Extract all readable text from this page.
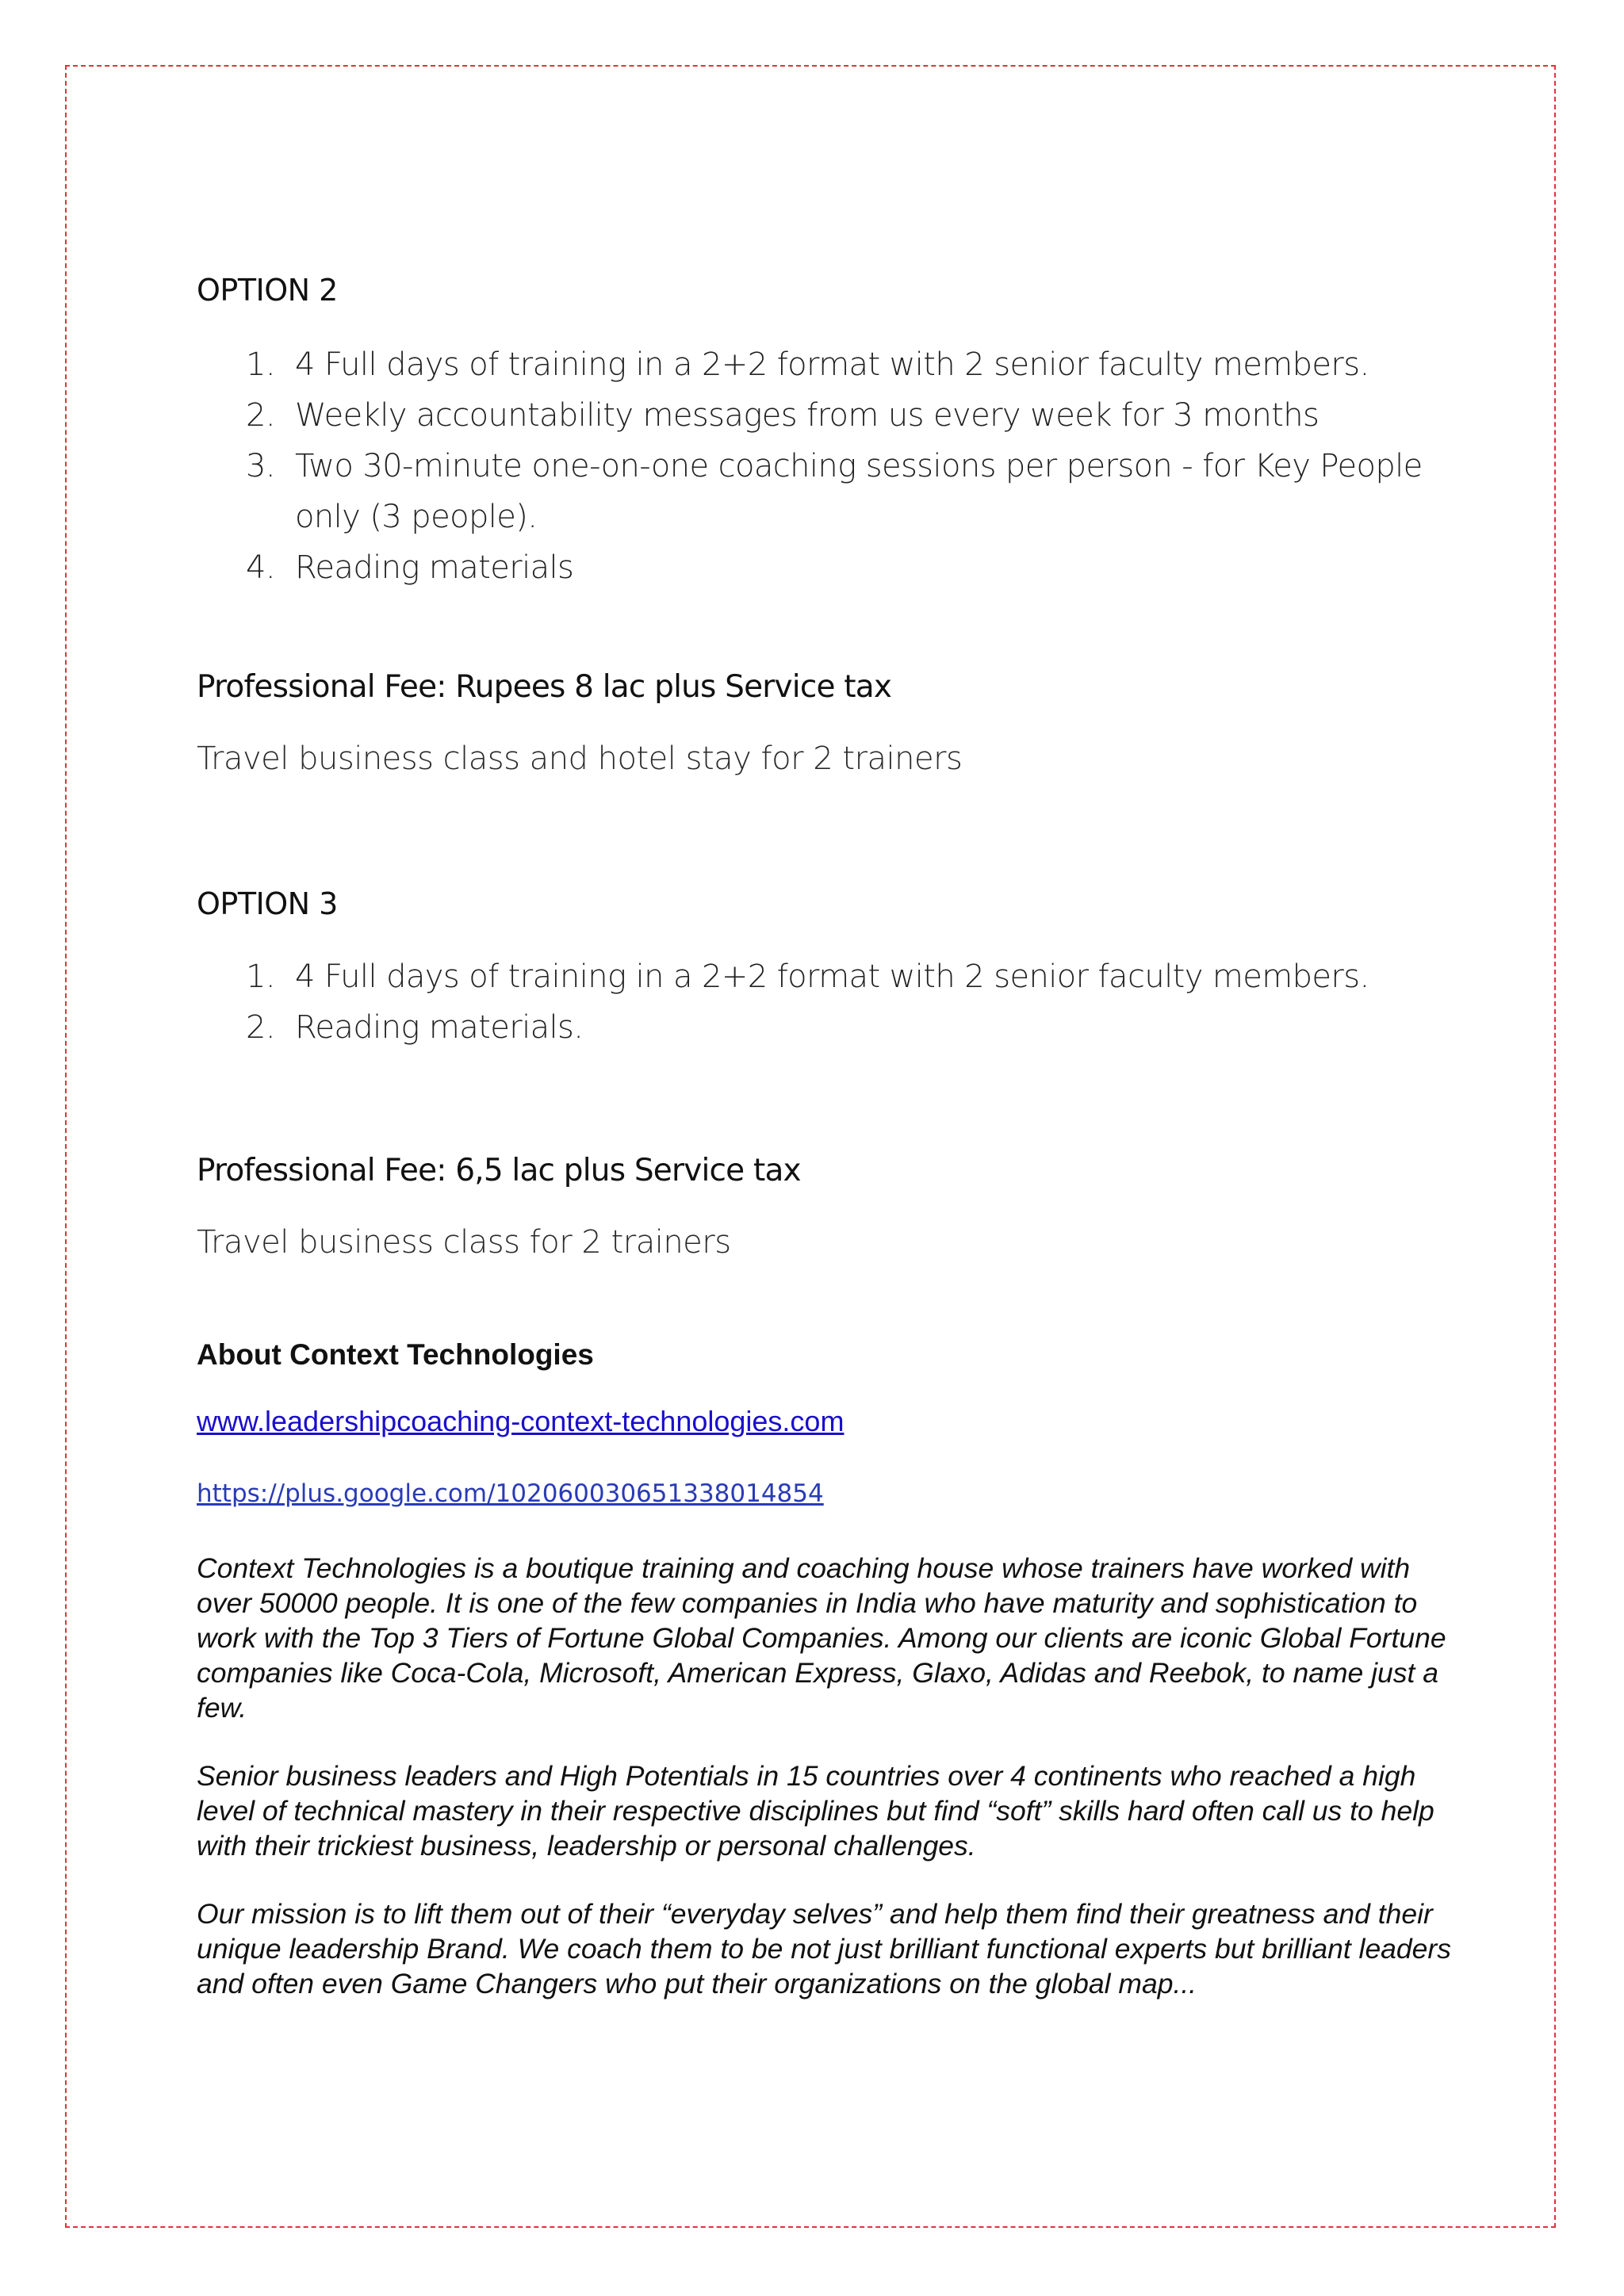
OPTION 2
1. 4 Full days of training in a 2+2 format with 2 senior faculty members.
2. Weekly accountability messages from us every week for 3 months
3. Two 30-minute one-on-one coaching sessions per person - for Key People only (3 people).
4. Reading materials
Professional Fee: Rupees 8 lac plus Service tax
Travel business class and hotel stay for 2 trainers
OPTION 3
1. 4 Full days of training in a 2+2 format with 2 senior faculty members.
2. Reading materials.
Professional Fee: 6,5 lac plus Service tax
Travel business class for 2 trainers
About Context Technologies
www.leadershipcoaching-context-technologies.com
https://plus.google.com/102060030651338014854

Context Technologies is a boutique training and coaching house whose trainers have worked with over 50000 people. It is one of the few companies in India who have maturity and sophistication to work with the Top 3 Tiers of Fortune Global Companies. Among our clients are iconic Global Fortune companies like Coca-Cola, Microsoft, American Express, Glaxo, Adidas and Reebok, to name just a few.

Senior business leaders and High Potentials in 15 countries over 4 continents who reached a high level of technical mastery in their respective disciplines but find “soft” skills hard often call us to help with their trickiest business, leadership or personal challenges.

Our mission is to lift them out of their “everyday selves” and help them find their greatness and their unique leadership Brand. We coach them to be not just brilliant functional experts but brilliant leaders and often even Game Changers who put their organizations on the global map...
